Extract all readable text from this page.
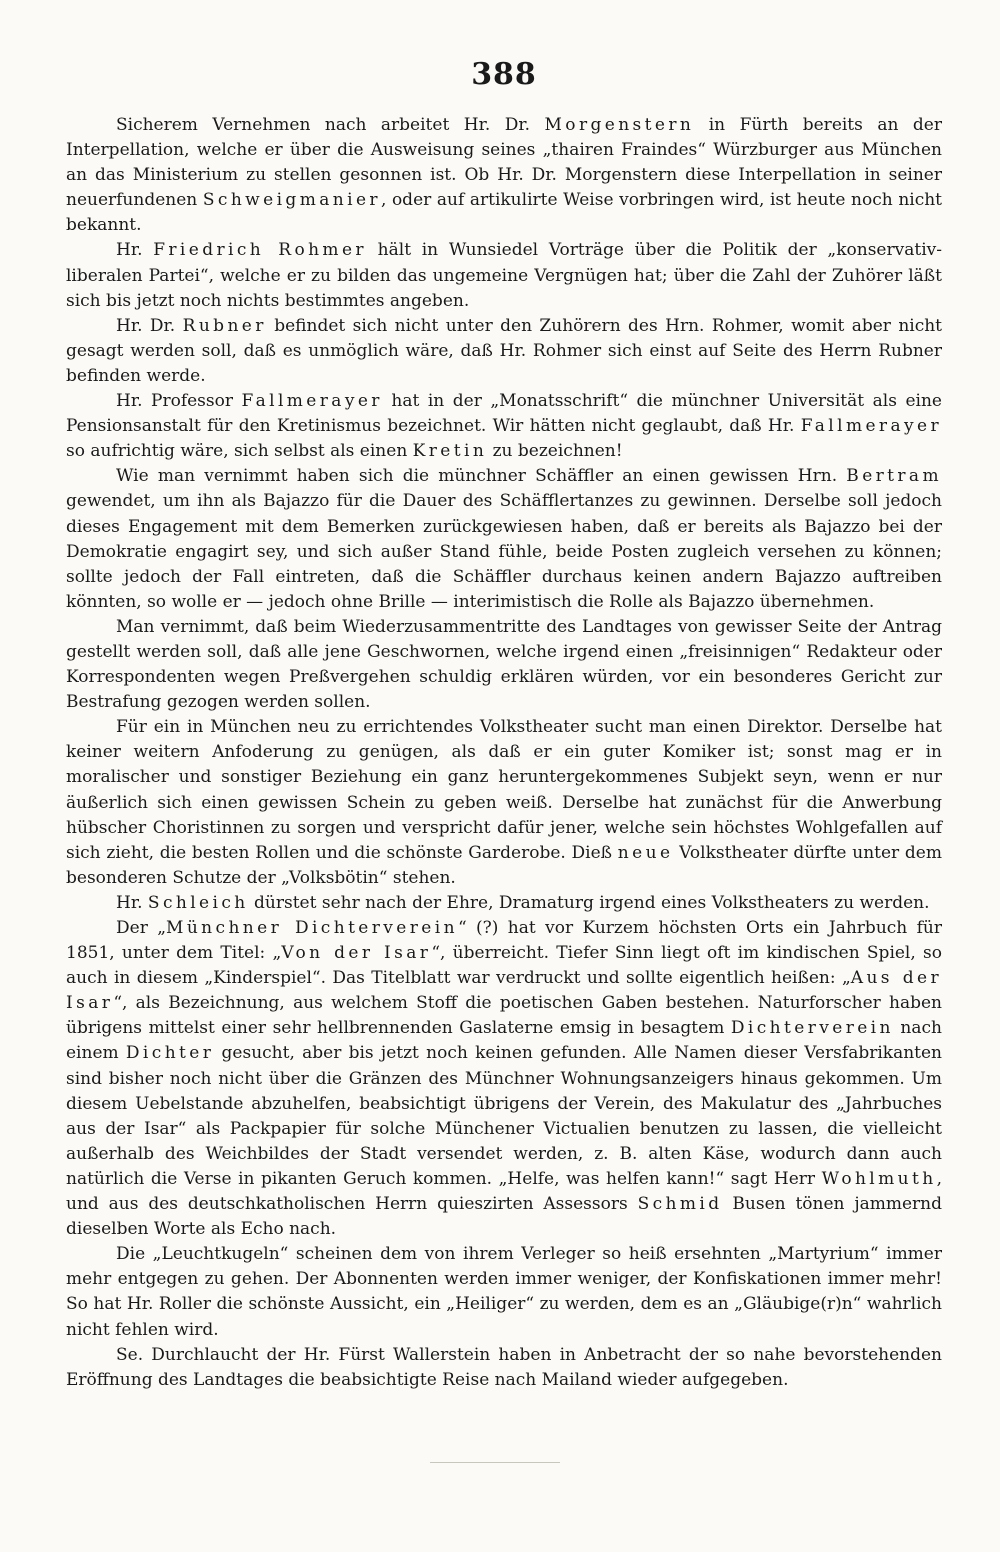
388

Sicherem Vernehmen nach arbeitet Hr. Dr. Morgenstern in Fürth bereits an der Interpellation, welche er über die Ausweisung seines „thairen Fraindes“ Würzburger aus München an das Ministerium zu stellen gesonnen ist. Ob Hr. Dr. Morgenstern diese Interpellation in seiner neuerfundenen Schweigmanier, oder auf artikulirte Weise vorbringen wird, ist heute noch nicht bekannt.

Hr. Friedrich Rohmer hält in Wunsiedel Vorträge über die Politik der „konservativ-liberalen Partei“, welche er zu bilden das ungemeine Vergnügen hat; über die Zahl der Zuhörer läßt sich bis jetzt noch nichts bestimmtes angeben.

Hr. Dr. Rubner befindet sich nicht unter den Zuhörern des Hrn. Rohmer, womit aber nicht gesagt werden soll, daß es unmöglich wäre, daß Hr. Rohmer sich einst auf Seite des Herrn Rubner befinden werde.

Hr. Professor Fallmerayer hat in der „Monatsschrift“ die münchner Universität als eine Pensionsanstalt für den Kretinismus bezeichnet. Wir hätten nicht geglaubt, daß Hr. Fallmerayer so aufrichtig wäre, sich selbst als einen Kretin zu bezeichnen!

Wie man vernimmt haben sich die münchner Schäffler an einen gewissen Hrn. Bertram gewendet, um ihn als Bajazzo für die Dauer des Schäfflertanzes zu gewinnen. Derselbe soll jedoch dieses Engagement mit dem Bemerken zurückgewiesen haben, daß er bereits als Bajazzo bei der Demokratie engagirt sey, und sich außer Stand fühle, beide Posten zugleich versehen zu können; sollte jedoch der Fall eintreten, daß die Schäffler durchaus keinen andern Bajazzo auftreiben könnten, so wolle er — jedoch ohne Brille — interimistisch die Rolle als Bajazzo übernehmen.

Man vernimmt, daß beim Wiederzusammentritte des Landtages von gewisser Seite der Antrag gestellt werden soll, daß alle jene Geschwornen, welche irgend einen „freisinnigen“ Redakteur oder Korrespondenten wegen Preßvergehen schuldig erklären würden, vor ein besonderes Gericht zur Bestrafung gezogen werden sollen.

Für ein in München neu zu errichtendes Volkstheater sucht man einen Direktor. Derselbe hat keiner weitern Anfoderung zu genügen, als daß er ein guter Komiker ist; sonst mag er in moralischer und sonstiger Beziehung ein ganz heruntergekommenes Subjekt seyn, wenn er nur äußerlich sich einen gewissen Schein zu geben weiß. Derselbe hat zunächst für die Anwerbung hübscher Choristinnen zu sorgen und verspricht dafür jener, welche sein höchstes Wohlgefallen auf sich zieht, die besten Rollen und die schönste Garderobe. Dieß neue Volkstheater dürfte unter dem besonderen Schutze der „Volksbötin“ stehen.

Hr. Schleich dürstet sehr nach der Ehre, Dramaturg irgend eines Volkstheaters zu werden.

Der „Münchner Dichterverein“ (?) hat vor Kurzem höchsten Orts ein Jahrbuch für 1851, unter dem Titel: „Von der Isar“, überreicht. Tiefer Sinn liegt oft im kindischen Spiel, so auch in diesem „Kinderspiel“. Das Titelblatt war verdruckt und sollte eigentlich heißen: „Aus der Isar“, als Bezeichnung, aus welchem Stoff die poetischen Gaben bestehen. Naturforscher haben übrigens mittelst einer sehr hellbrennenden Gaslaterne emsig in besagtem Dichterverein nach einem Dichter gesucht, aber bis jetzt noch keinen gefunden. Alle Namen dieser Versfabrikanten sind bisher noch nicht über die Gränzen des Münchner Wohnungsanzeigers hinaus gekommen. Um diesem Uebelstande abzuhelfen, beabsichtigt übrigens der Verein, des Makulatur des „Jahrbuches aus der Isar“ als Packpapier für solche Münchener Victualien benutzen zu lassen, die vielleicht außerhalb des Weichbildes der Stadt versendet werden, z. B. alten Käse, wodurch dann auch natürlich die Verse in pikanten Geruch kommen. „Helfe, was helfen kann!“ sagt Herr Wohlmuth, und aus des deutschkatholischen Herrn quieszirten Assessors Schmid Busen tönen jammernd dieselben Worte als Echo nach.

Die „Leuchtkugeln“ scheinen dem von ihrem Verleger so heiß ersehnten „Martyrium“ immer mehr entgegen zu gehen. Der Abonnenten werden immer weniger, der Konfiskationen immer mehr! So hat Hr. Roller die schönste Aussicht, ein „Heiliger“ zu werden, dem es an „Gläubige(r)n“ wahrlich nicht fehlen wird.

Se. Durchlaucht der Hr. Fürst Wallerstein haben in Anbetracht der so nahe bevorstehenden Eröffnung des Landtages die beabsichtigte Reise nach Mailand wieder aufgegeben.
